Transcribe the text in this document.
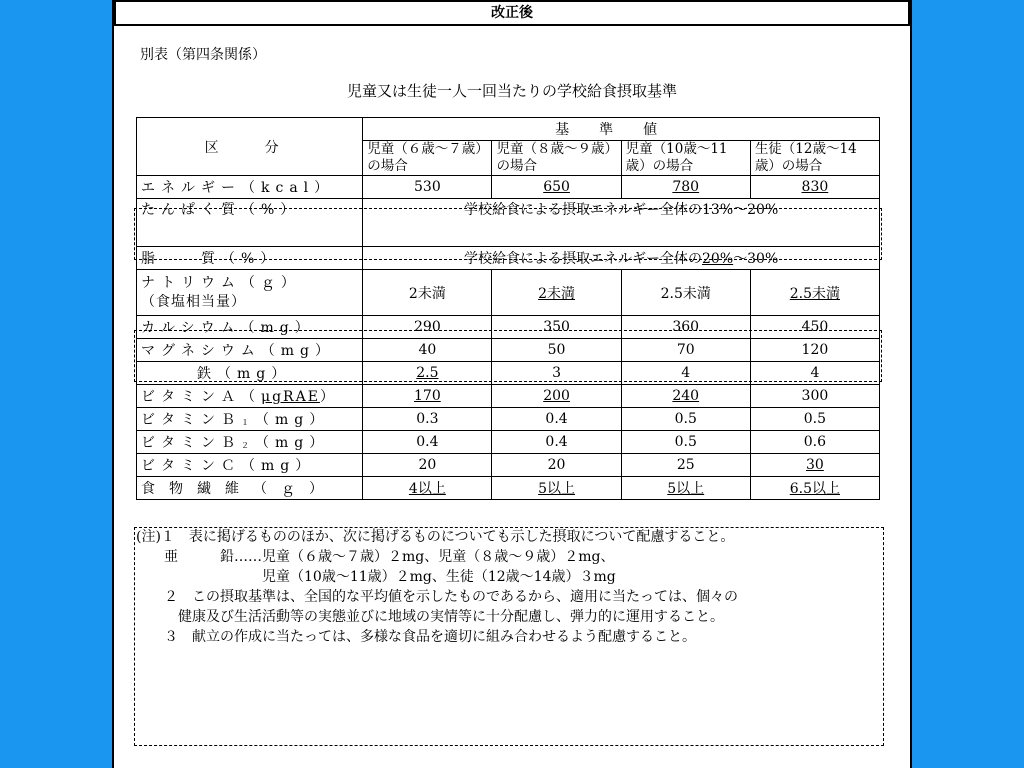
改正後
別表（第四条関係）
児童又は生徒一人一回当たりの学校給食摂取基準
区　分	基準値			
	児童（６歳～７歳）の場合	児童（８歳～９歳）の場合	児童（10歳～11歳）の場合	生徒（12歳～14歳）の場合
エネルギー（kcal）	530	650	780	830
たんぱく質（%）	学校給食による摂取エネルギー全体の13%～20%			
脂　　質（%）	学校給食による摂取エネルギー全体の20%～30%			

ナトリウム（ｇ）
（食塩相当量）	2未満	2未満	2.5未満	2.5未満
カルシウム（mg）	290	350	360	450
マグネシウム（mg）	40	50	70	120
鉄（mg）	2.5	3	4	4
ビタミンＡ（μgRAE）	170	200	240	300
ビタミンＢ$_1$（mg）	0.3	0.4	0.5	0.5
ビタミンＢ$_2$（mg）	0.4	0.4	0.5	0.6
ビタミンＣ（mg）	20	20	25	30
食物繊維（ｇ）	4以上	5以上	5以上	6.5以上
(注)１　表に掲げるもののほか、次に掲げるものについても示した摂取について配慮すること。
　　亜　　　鉛……児童（６歳～７歳）２mg、児童（８歳～９歳）２mg、
　　　　　　　　　児童（10歳～11歳）２mg、生徒（12歳～14歳）３mg
　　２　この摂取基準は、全国的な平均値を示したものであるから、適用に当たっては、個々の
　　　健康及び生活活動等の実態並びに地域の実情等に十分配慮し、弾力的に運用すること。
　　３　献立の作成に当たっては、多様な食品を適切に組み合わせるよう配慮すること。
